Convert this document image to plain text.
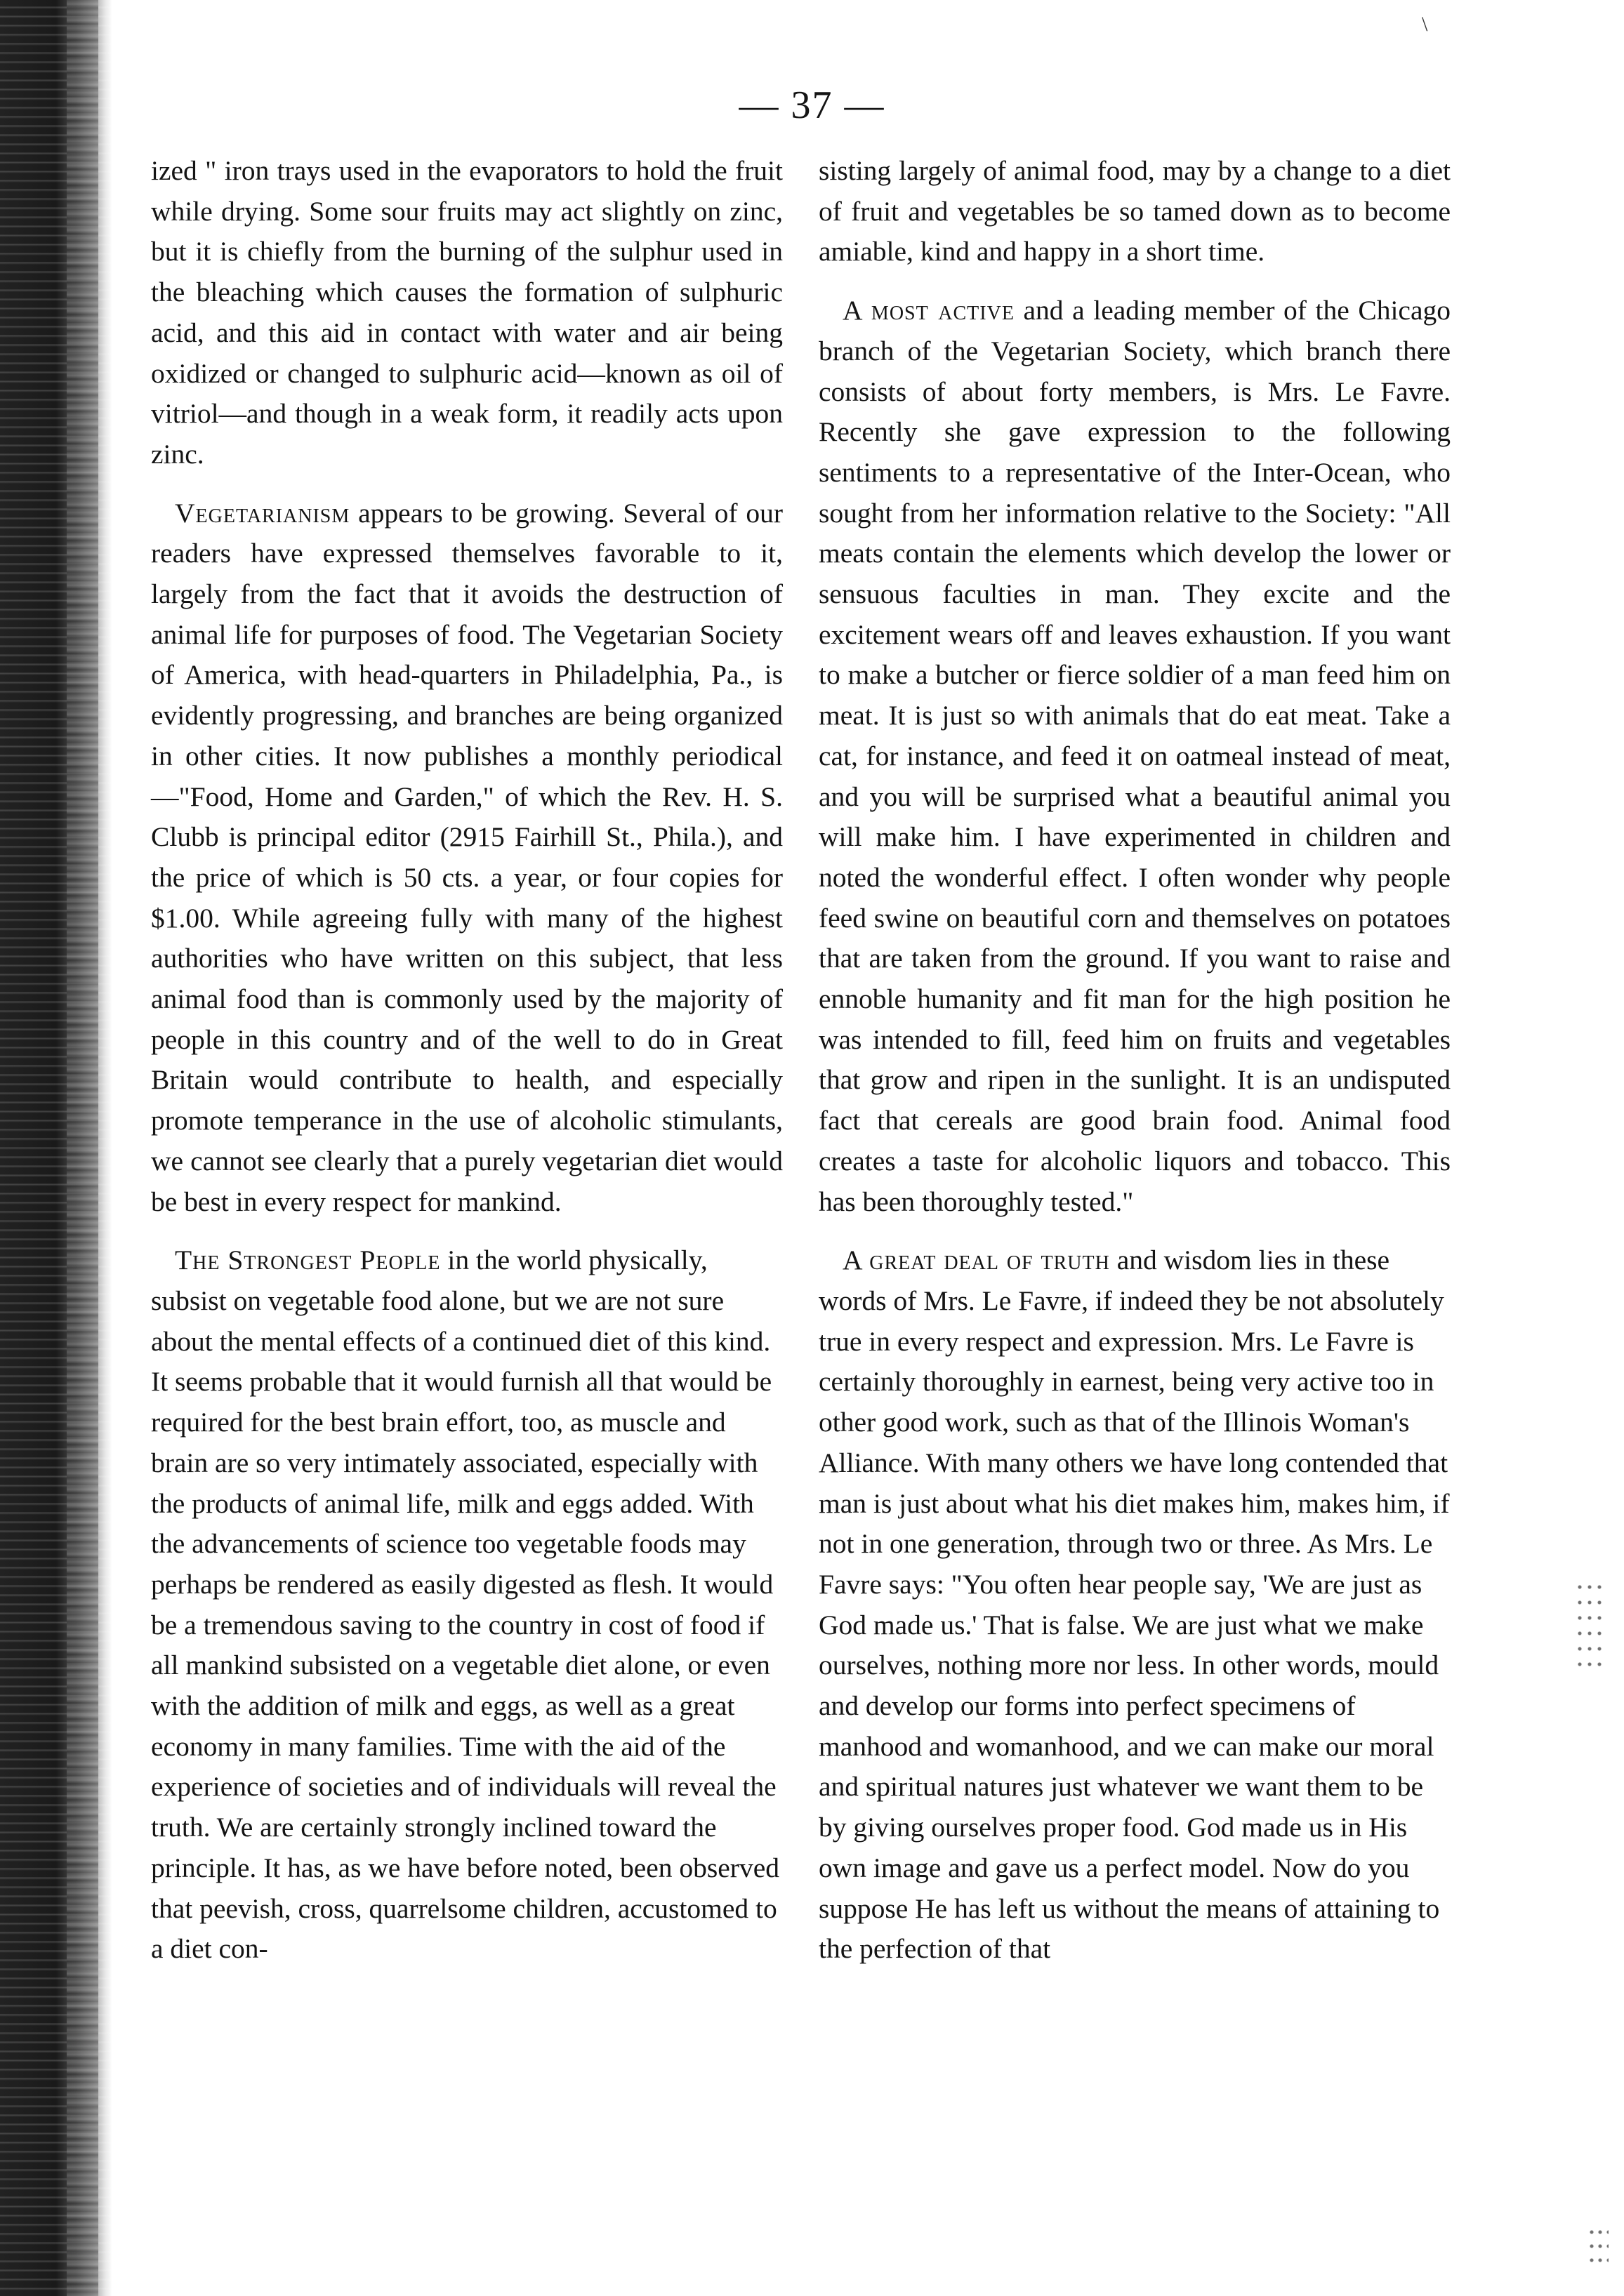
\
— 37 —

ized " iron trays used in the evaporators to hold the fruit while drying. Some sour fruits may act slightly on zinc, but it is chiefly from the burning of the sulphur used in the bleaching which causes the formation of sulphuric acid, and this aid in contact with water and air being oxidized or changed to sulphuric acid—known as oil of vitriol—and though in a weak form, it readily acts upon zinc.

Vegetarianism appears to be growing. Several of our readers have expressed themselves favorable to it, largely from the fact that it avoids the destruction of animal life for purposes of food. The Vegetarian Society of America, with head-quarters in Philadelphia, Pa., is evidently progressing, and branches are being organized in other cities. It now publishes a monthly periodical—"Food, Home and Garden," of which the Rev. H. S. Clubb is principal editor (2915 Fairhill St., Phila.), and the price of which is 50 cts. a year, or four copies for $1.00. While agreeing fully with many of the highest authorities who have written on this subject, that less animal food than is commonly used by the majority of people in this country and of the well to do in Great Britain would contribute to health, and especially promote temperance in the use of alcoholic stimulants, we cannot see clearly that a purely vegetarian diet would be best in every respect for mankind.

The Strongest People in the world physically, subsist on vegetable food alone, but we are not sure about the mental effects of a continued diet of this kind. It seems probable that it would furnish all that would be required for the best brain effort, too, as muscle and brain are so very intimately associated, especially with the products of animal life, milk and eggs added. With the advancements of science too vegetable foods may perhaps be rendered as easily digested as flesh. It would be a tremendous saving to the country in cost of food if all mankind subsisted on a vegetable diet alone, or even with the addition of milk and eggs, as well as a great economy in many families. Time with the aid of the experience of societies and of individuals will reveal the truth. We are certainly strongly inclined toward the principle. It has, as we have before noted, been observed that peevish, cross, quarrelsome children, accustomed to a diet con-

sisting largely of animal food, may by a change to a diet of fruit and vegetables be so tamed down as to become amiable, kind and happy in a short time.

A most active and a leading member of the Chicago branch of the Vegetarian Society, which branch there consists of about forty members, is Mrs. Le Favre. Recently she gave expression to the following sentiments to a representative of the Inter-Ocean, who sought from her information relative to the Society: "All meats contain the elements which develop the lower or sensuous faculties in man. They excite and the excitement wears off and leaves exhaustion. If you want to make a butcher or fierce soldier of a man feed him on meat. It is just so with animals that do eat meat. Take a cat, for instance, and feed it on oatmeal instead of meat, and you will be surprised what a beautiful animal you will make him. I have experimented in children and noted the wonderful effect. I often wonder why people feed swine on beautiful corn and themselves on potatoes that are taken from the ground. If you want to raise and ennoble humanity and fit man for the high position he was intended to fill, feed him on fruits and vegetables that grow and ripen in the sunlight. It is an undisputed fact that cereals are good brain food. Animal food creates a taste for alcoholic liquors and tobacco. This has been thoroughly tested."

A great deal of truth and wisdom lies in these words of Mrs. Le Favre, if indeed they be not absolutely true in every respect and expression. Mrs. Le Favre is certainly thoroughly in earnest, being very active too in other good work, such as that of the Illinois Woman's Alliance. With many others we have long contended that man is just about what his diet makes him, makes him, if not in one generation, through two or three. As Mrs. Le Favre says: "You often hear people say, 'We are just as God made us.' That is false. We are just what we make ourselves, nothing more nor less. In other words, mould and develop our forms into perfect specimens of manhood and womanhood, and we can make our moral and spiritual natures just whatever we want them to be by giving ourselves proper food. God made us in His own image and gave us a perfect model. Now do you suppose He has left us without the means of attaining to the perfection of that
